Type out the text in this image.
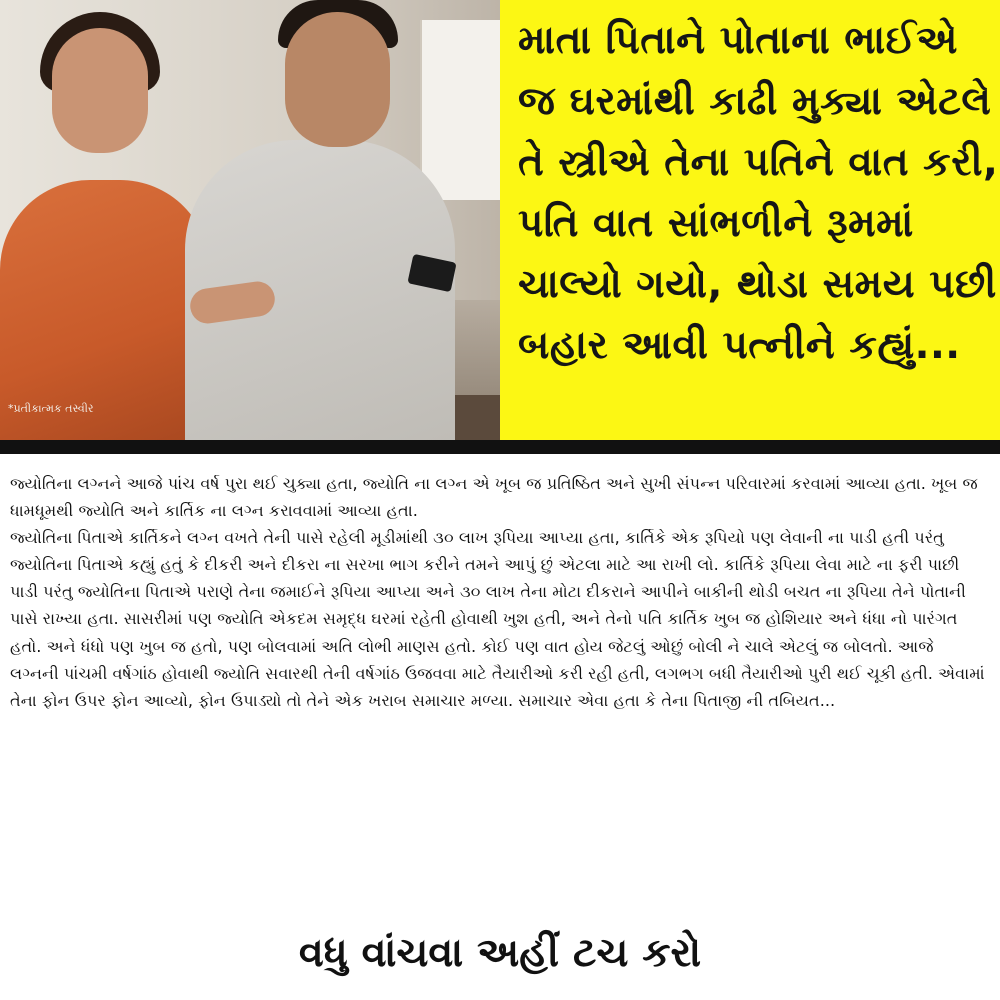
*પ્રતીકાત્મક તસ્વીર
માતા પિતાને પોતાના ભાઈએ જ ઘરમાંથી કાઢી મુક્યા એટલે તે સ્ત્રીએ તેના પતિને વાત કરી, પતિ વાત સાંભળીને રૂમમાં ચાલ્યો ગયો, થોડા સમય પછી બહાર આવી પત્નીને કહ્યું...

જ્યોતિના લગ્નને આજે પાંચ વર્ષ પુરા થઈ ચુક્યા હતા, જ્યોતિ ના લગ્ન એ ખૂબ જ પ્રતિષ્ઠિત અને સુખી સંપન્ન પરિવારમાં કરવામાં આવ્યા હતા. ખૂબ જ ધામધૂમથી જ્યોતિ અને કાર્તિક ના લગ્ન કરાવવામાં આવ્યા હતા.

જ્યોતિના પિતાએ કાર્તિકને લગ્ન વખતે તેની પાસે રહેલી મૂડીમાંથી ૩૦ લાખ રૂપિયા આપ્યા હતા, કાર્તિકે એક રૂપિયો પણ લેવાની ના પાડી હતી પરંતુ જ્યોતિના પિતાએ કહ્યું હતું કે દીકરી અને દીકરા ના સરખા ભાગ કરીને તમને આપું છું એટલા માટે આ રાખી લો. કાર્તિકે રૂપિયા લેવા માટે ના ફરી પાછી પાડી પરંતુ જ્યોતિના પિતાએ પરાણે તેના જમાઈને રૂપિયા આપ્યા અને ૩૦ લાખ તેના મોટા દીકરાને આપીને બાકીની થોડી બચત ના રૂપિયા તેને પોતાની પાસે રાખ્યા હતા. સાસરીમાં પણ જ્યોતિ એકદમ સમૃદ્ધ ઘરમાં રહેતી હોવાથી ખુશ હતી, અને તેનો પતિ કાર્તિક ખુબ જ હોશિયાર અને ધંધા નો પારંગત હતો. અને ધંધો પણ ખુબ જ હતો, પણ બોલવામાં અતિ લોભી માણસ હતો. કોઈ પણ વાત હોય જેટલું ઓછું બોલી ને ચાલે એટલું જ બોલતો. આજે લગ્નની પાંચમી વર્ષગાંઠ હોવાથી જ્યોતિ સવારથી તેની વર્ષગાંઠ ઉજવવા માટે તૈયારીઓ કરી રહી હતી, લગભગ બધી તૈયારીઓ પુરી થઈ ચૂકી હતી. એવામાં તેના ફોન ઉપર ફોન આવ્યો, ફોન ઉપાડ્યો તો તેને એક ખરાબ સમાચાર મળ્યા. સમાચાર એવા હતા કે તેના પિતાજી ની તબિયત...

વધુ વાંચવા અહીં ટચ કરો
